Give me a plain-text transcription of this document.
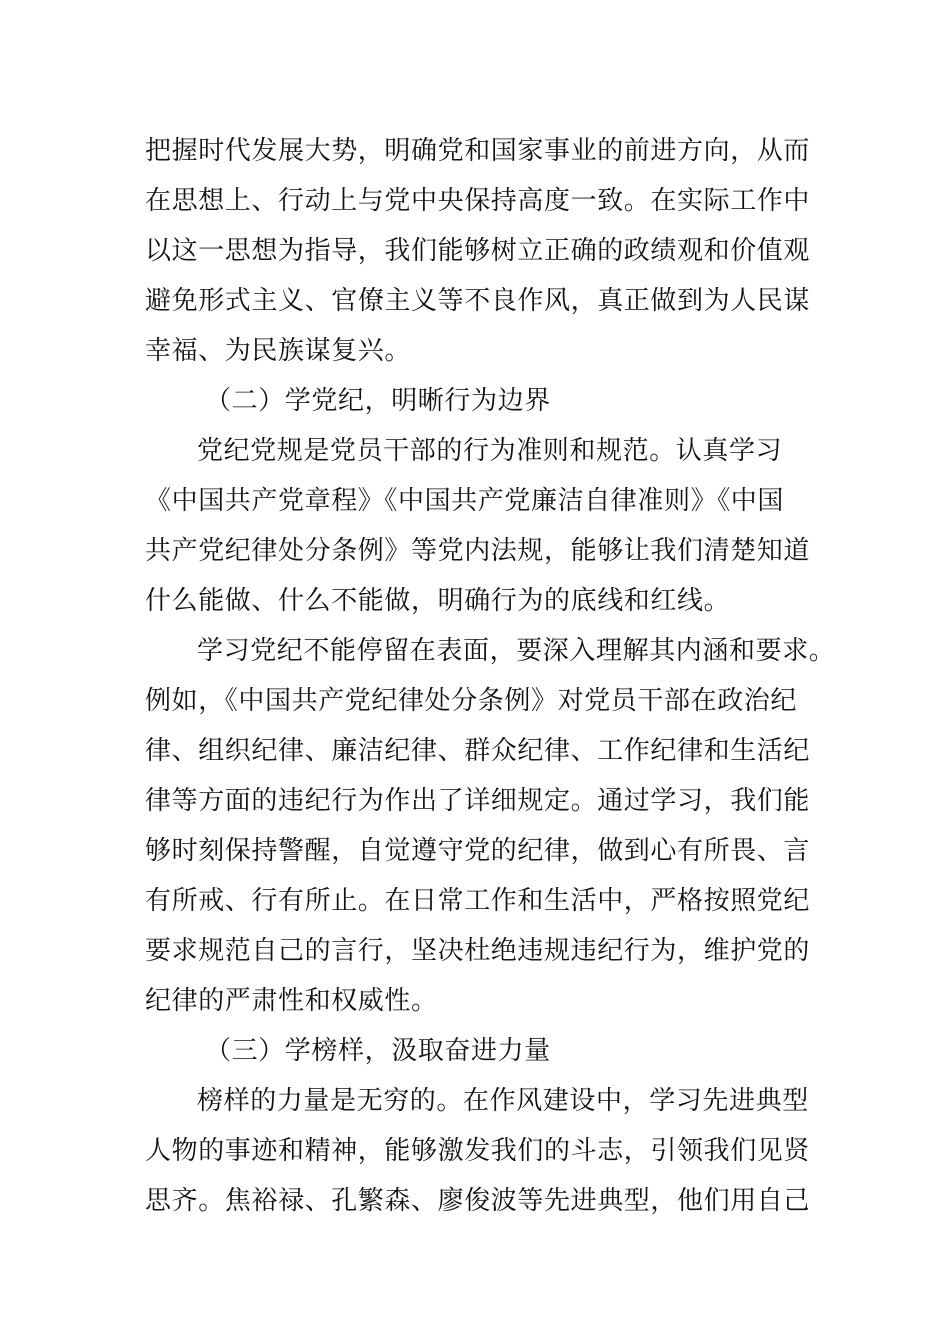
把握时代发展大势，明确党和国家事业的前进方向，从而
在思想上、行动上与党中央保持高度一致。在实际工作中
以这一思想为指导，我们能够树立正确的政绩观和价值观
避免形式主义、官僚主义等不良作风，真正做到为人民谋
幸福、为民族谋复兴。
（二）学党纪，明晰行为边界
党纪党规是党员干部的行为准则和规范。认真学习
《中国共产党章程》《中国共产党廉洁自律准则》《中国
共产党纪律处分条例》等党内法规，能够让我们清楚知道
什么能做、什么不能做，明确行为的底线和红线。
学习党纪不能停留在表面，要深入理解其内涵和要求。
例如，《中国共产党纪律处分条例》对党员干部在政治纪
律、组织纪律、廉洁纪律、群众纪律、工作纪律和生活纪
律等方面的违纪行为作出了详细规定。通过学习，我们能
够时刻保持警醒，自觉遵守党的纪律，做到心有所畏、言
有所戒、行有所止。在日常工作和生活中，严格按照党纪
要求规范自己的言行，坚决杜绝违规违纪行为，维护党的
纪律的严肃性和权威性。
（三）学榜样，汲取奋进力量
榜样的力量是无穷的。在作风建设中，学习先进典型
人物的事迹和精神，能够激发我们的斗志，引领我们见贤
思齐。焦裕禄、孔繁森、廖俊波等先进典型，他们用自己
